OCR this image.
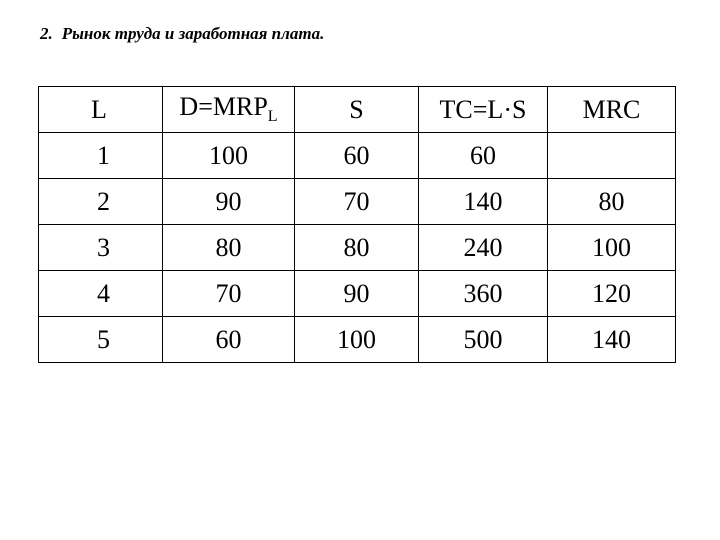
2. Рынок труда и заработная плата.
L	$D=MRP_L$	S	TC=L·S	MRC
1	100	60	60	
2	90	70	140	80
3	80	80	240	100
4	70	90	360	120
5	60	100	500	140
